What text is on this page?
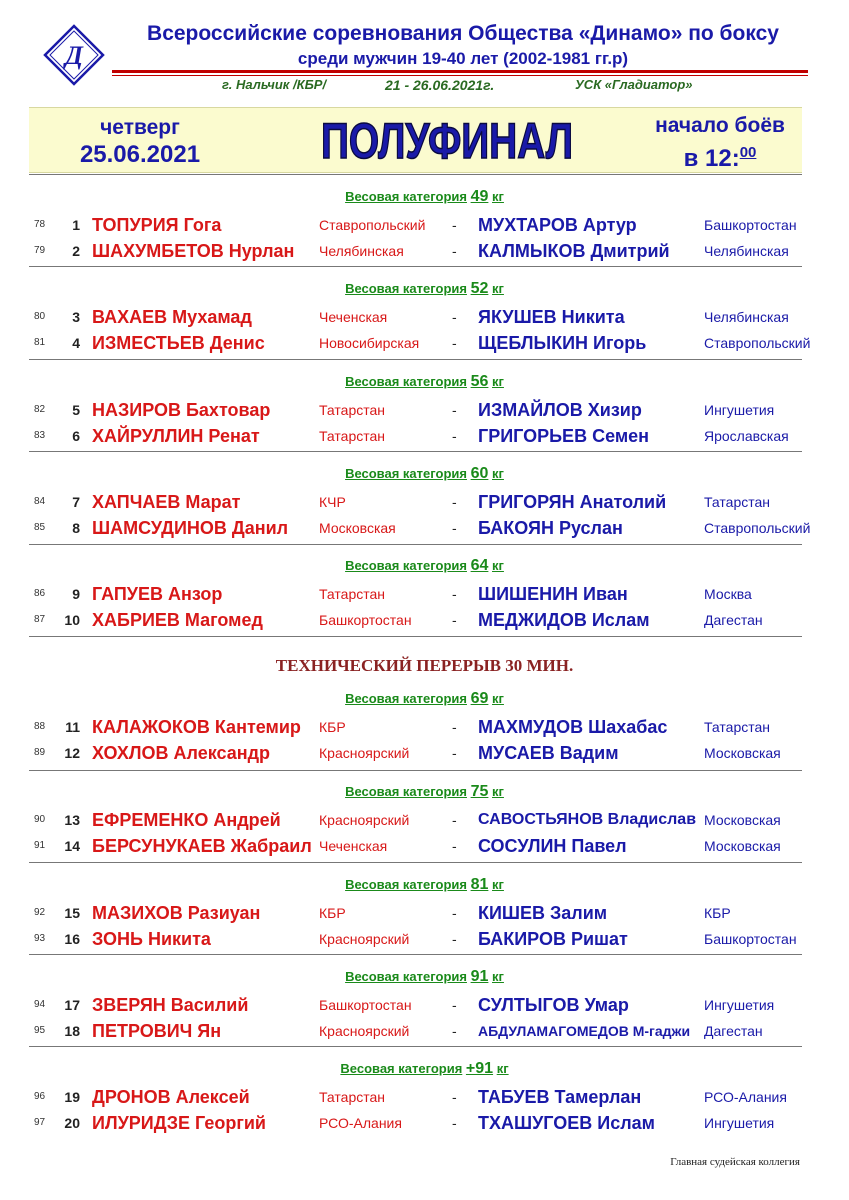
Д
Всероссийские соревнования Общества «Динамо» по боксу
среди мужчин 19-40 лет (2002-1981 гг.р)
г. Нальчик /КБР/	21 - 26.06.2021г.	УСК «Гладиатор»
четверг
25.06.2021	ПОЛУФИНАЛ	начало боёв
в 12:$^{00}$
Весовая категория 49 кг
78	1 ТОПУРИЯ Гога	Ставропольский - МУХТАРОВ Артур	Башкортостан
79	2 ШАХУМБЕТОВ Нурлан Челябинская	- КАЛМЫКОВ Дмитрий Челябинская
Весовая категория 52 кг
80	3 ВАХАЕВ Мухамад	Чеченская	- ЯКУШЕВ Никита	Челябинская
81	4 ИЗМЕСТЬЕВ Денис	Новосибирская - ЩЕБЛЫКИН Игорь	Ставропольский
Весовая категория 56 кг
82	5 НАЗИРОВ Бахтовар	Татарстан	- ИЗМАЙЛОВ Хизир	Ингушетия
83	6 ХАЙРУЛЛИН Ренат	Татарстан	- ГРИГОРЬЕВ Семен	Ярославская
Весовая категория 60 кг
84	7 ХАПЧАЕВ Марат	КЧР	- ГРИГОРЯН Анатолий	Татарстан
85	8 ШАМСУДИНОВ Данил Московская	- БАКОЯН Руслан	Ставропольский
Весовая категория 64 кг
86	9 ГАПУЕВ Анзор	Татарстан	- ШИШЕНИН Иван	Москва
87	10 ХАБРИЕВ Магомед	Башкортостан	- МЕДЖИДОВ Ислам	Дагестан
Весовая категория 69 кг
88	11 КАЛАЖОКОВ Кантемир КБР	- МАХМУДОВ Шахабас	Татарстан
89	12 ХОХЛОВ Александр	Красноярский	- МУСАЕВ Вадим	Московская
Весовая категория 75 кг
90	13 ЕФРЕМЕНКО Андрей	Красноярский	- САВОСТЬЯНОВ Владислав Московская
91	14 БЕРСУНУКАЕВ Жабраил Чеченская	- СОСУЛИН Павел	Московская
Весовая категория 81 кг
92	15 МАЗИХОВ Разиуан	КБР	- КИШЕВ Залим	КБР
93	16 ЗОНЬ Никита	Красноярский	- БАКИРОВ Ришат	Башкортостан
Весовая категория 91 кг
94	17 ЗВЕРЯН Василий	Башкортостан	- СУЛТЫГОВ Умар	Ингушетия
95	18 ПЕТРОВИЧ Ян	Красноярский	- АБДУЛАМАГОМЕДОВ М-гаджи Дагестан
Весовая категория +91 кг
96	19 ДРОНОВ Алексей	Татарстан	- ТАБУЕВ Тамерлан	РСО-Алания
97	20 ИЛУРИДЗЕ Георгий	РСО-Алания	- ТХАШУГОЕВ Ислам	Ингушетия
ТЕХНИЧЕСКИЙ ПЕРЕРЫВ 30 МИН.
Главная судейская коллегия
